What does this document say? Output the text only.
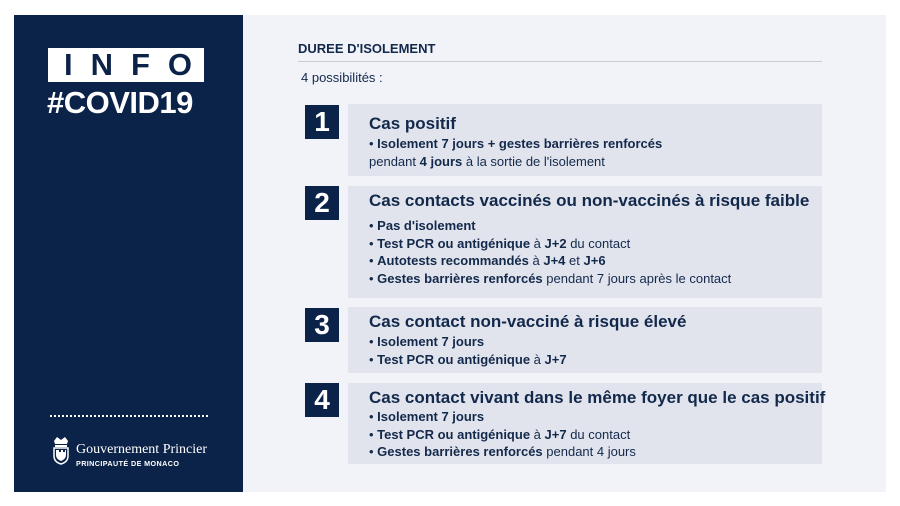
INFO
#COVID19
Gouvernement Princier
PRINCIPAUTÉ DE MONACO
DUREE D'ISOLEMENT
4 possibilités :
1	Cas positif
• Isolement 7 jours + gestes barrières renforcés
pendant 4 jours à la sortie de l'isolement
2	Cas contacts vaccinés ou non-vaccinés à risque faible
• Pas d'isolement
• Test PCR ou antigénique à J+2 du contact
• Autotests recommandés à J+4 et J+6
• Gestes barrières renforcés pendant 7 jours après le contact
3	Cas contact non-vacciné à risque élevé
• Isolement 7 jours
• Test PCR ou antigénique à J+7
4	Cas contact vivant dans le même foyer que le cas positif
• Isolement 7 jours
• Test PCR ou antigénique à J+7 du contact
• Gestes barrières renforcés pendant 4 jours
